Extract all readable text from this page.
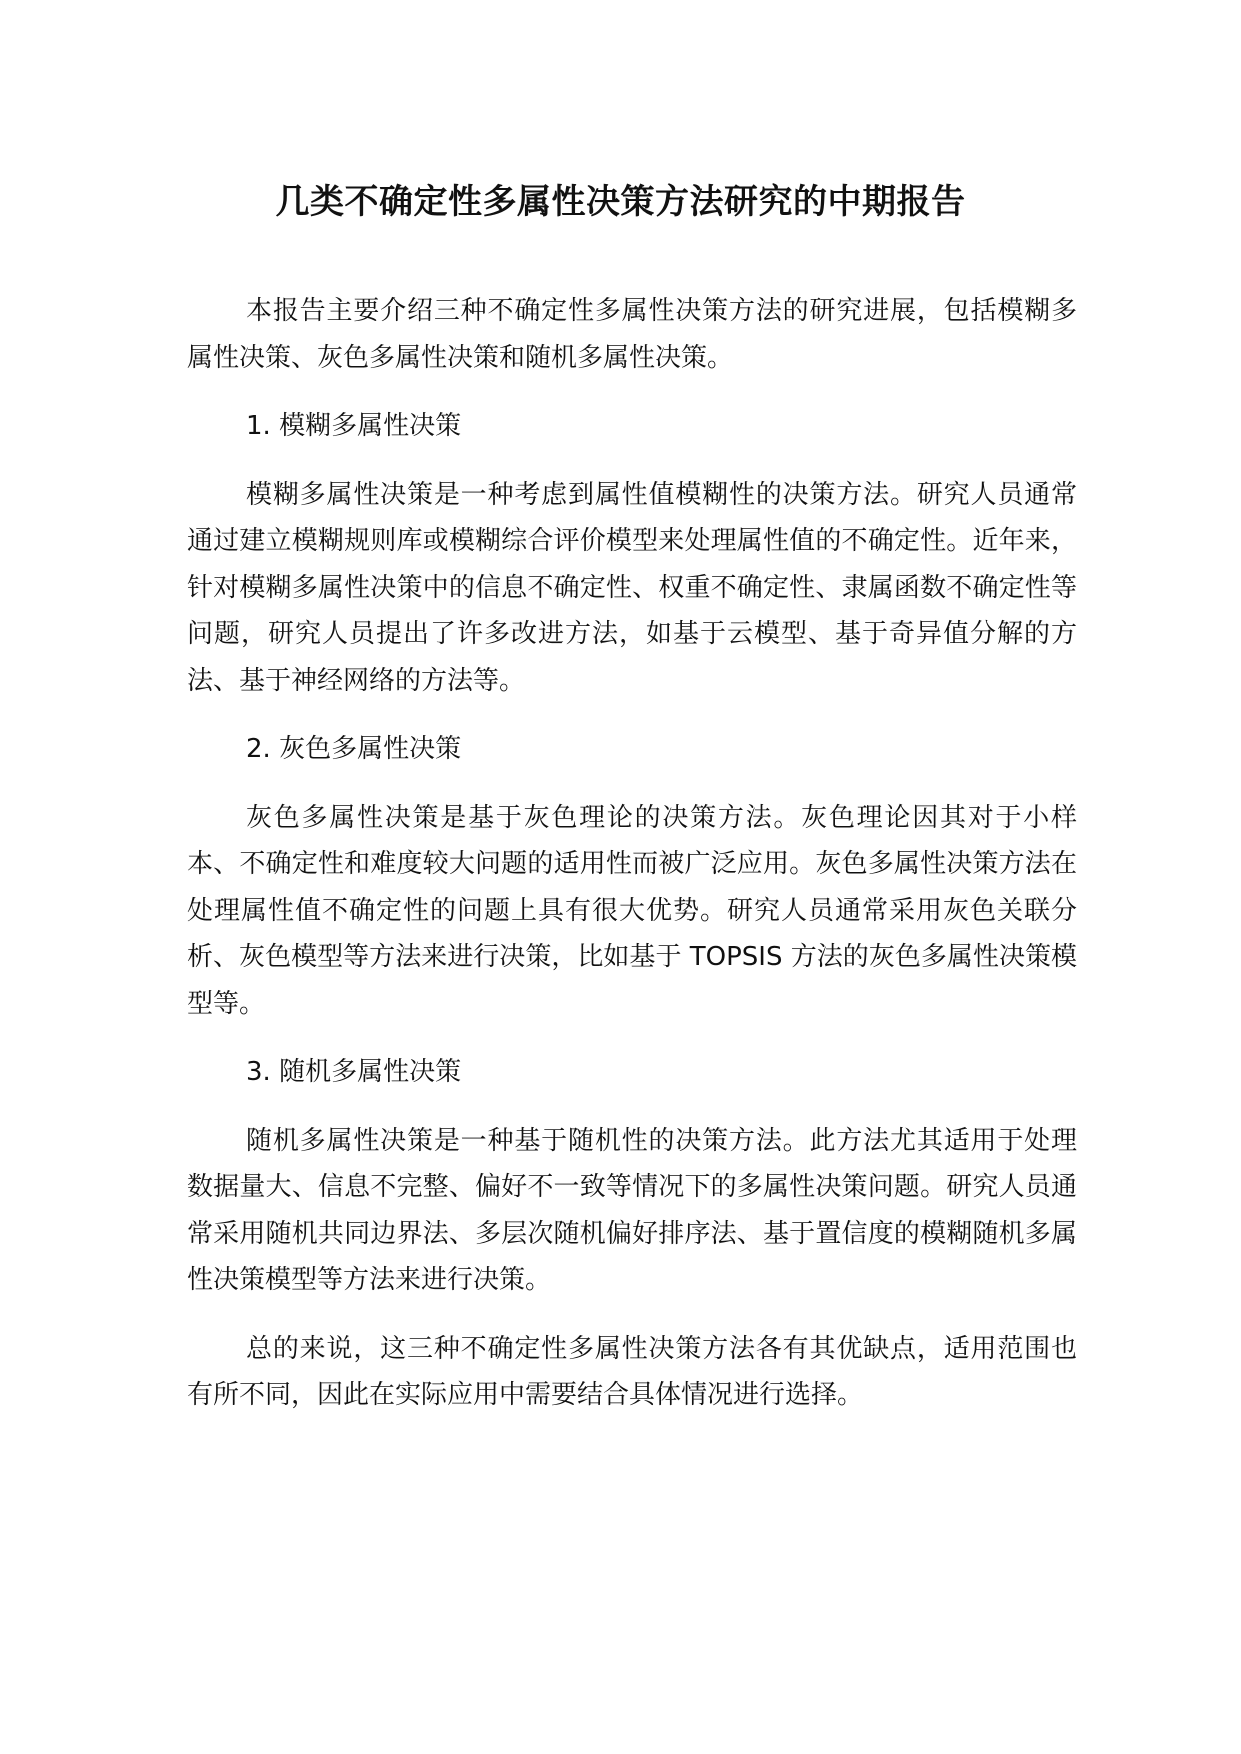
几类不确定性多属性决策方法研究的中期报告

本报告主要介绍三种不确定性多属性决策方法的研究进展，包括模糊多属性决策、灰色多属性决策和随机多属性决策。

1. 模糊多属性决策

模糊多属性决策是一种考虑到属性值模糊性的决策方法。研究人员通常通过建立模糊规则库或模糊综合评价模型来处理属性值的不确定性。近年来，针对模糊多属性决策中的信息不确定性、权重不确定性、隶属函数不确定性等问题，研究人员提出了许多改进方法，如基于云模型、基于奇异值分解的方法、基于神经网络的方法等。

2. 灰色多属性决策

灰色多属性决策是基于灰色理论的决策方法。灰色理论因其对于小样本、不确定性和难度较大问题的适用性而被广泛应用。灰色多属性决策方法在处理属性值不确定性的问题上具有很大优势。研究人员通常采用灰色关联分析、灰色模型等方法来进行决策，比如基于 TOPSIS 方法的灰色多属性决策模型等。

3. 随机多属性决策

随机多属性决策是一种基于随机性的决策方法。此方法尤其适用于处理数据量大、信息不完整、偏好不一致等情况下的多属性决策问题。研究人员通常采用随机共同边界法、多层次随机偏好排序法、基于置信度的模糊随机多属性决策模型等方法来进行决策。

总的来说，这三种不确定性多属性决策方法各有其优缺点，适用范围也有所不同，因此在实际应用中需要结合具体情况进行选择。
